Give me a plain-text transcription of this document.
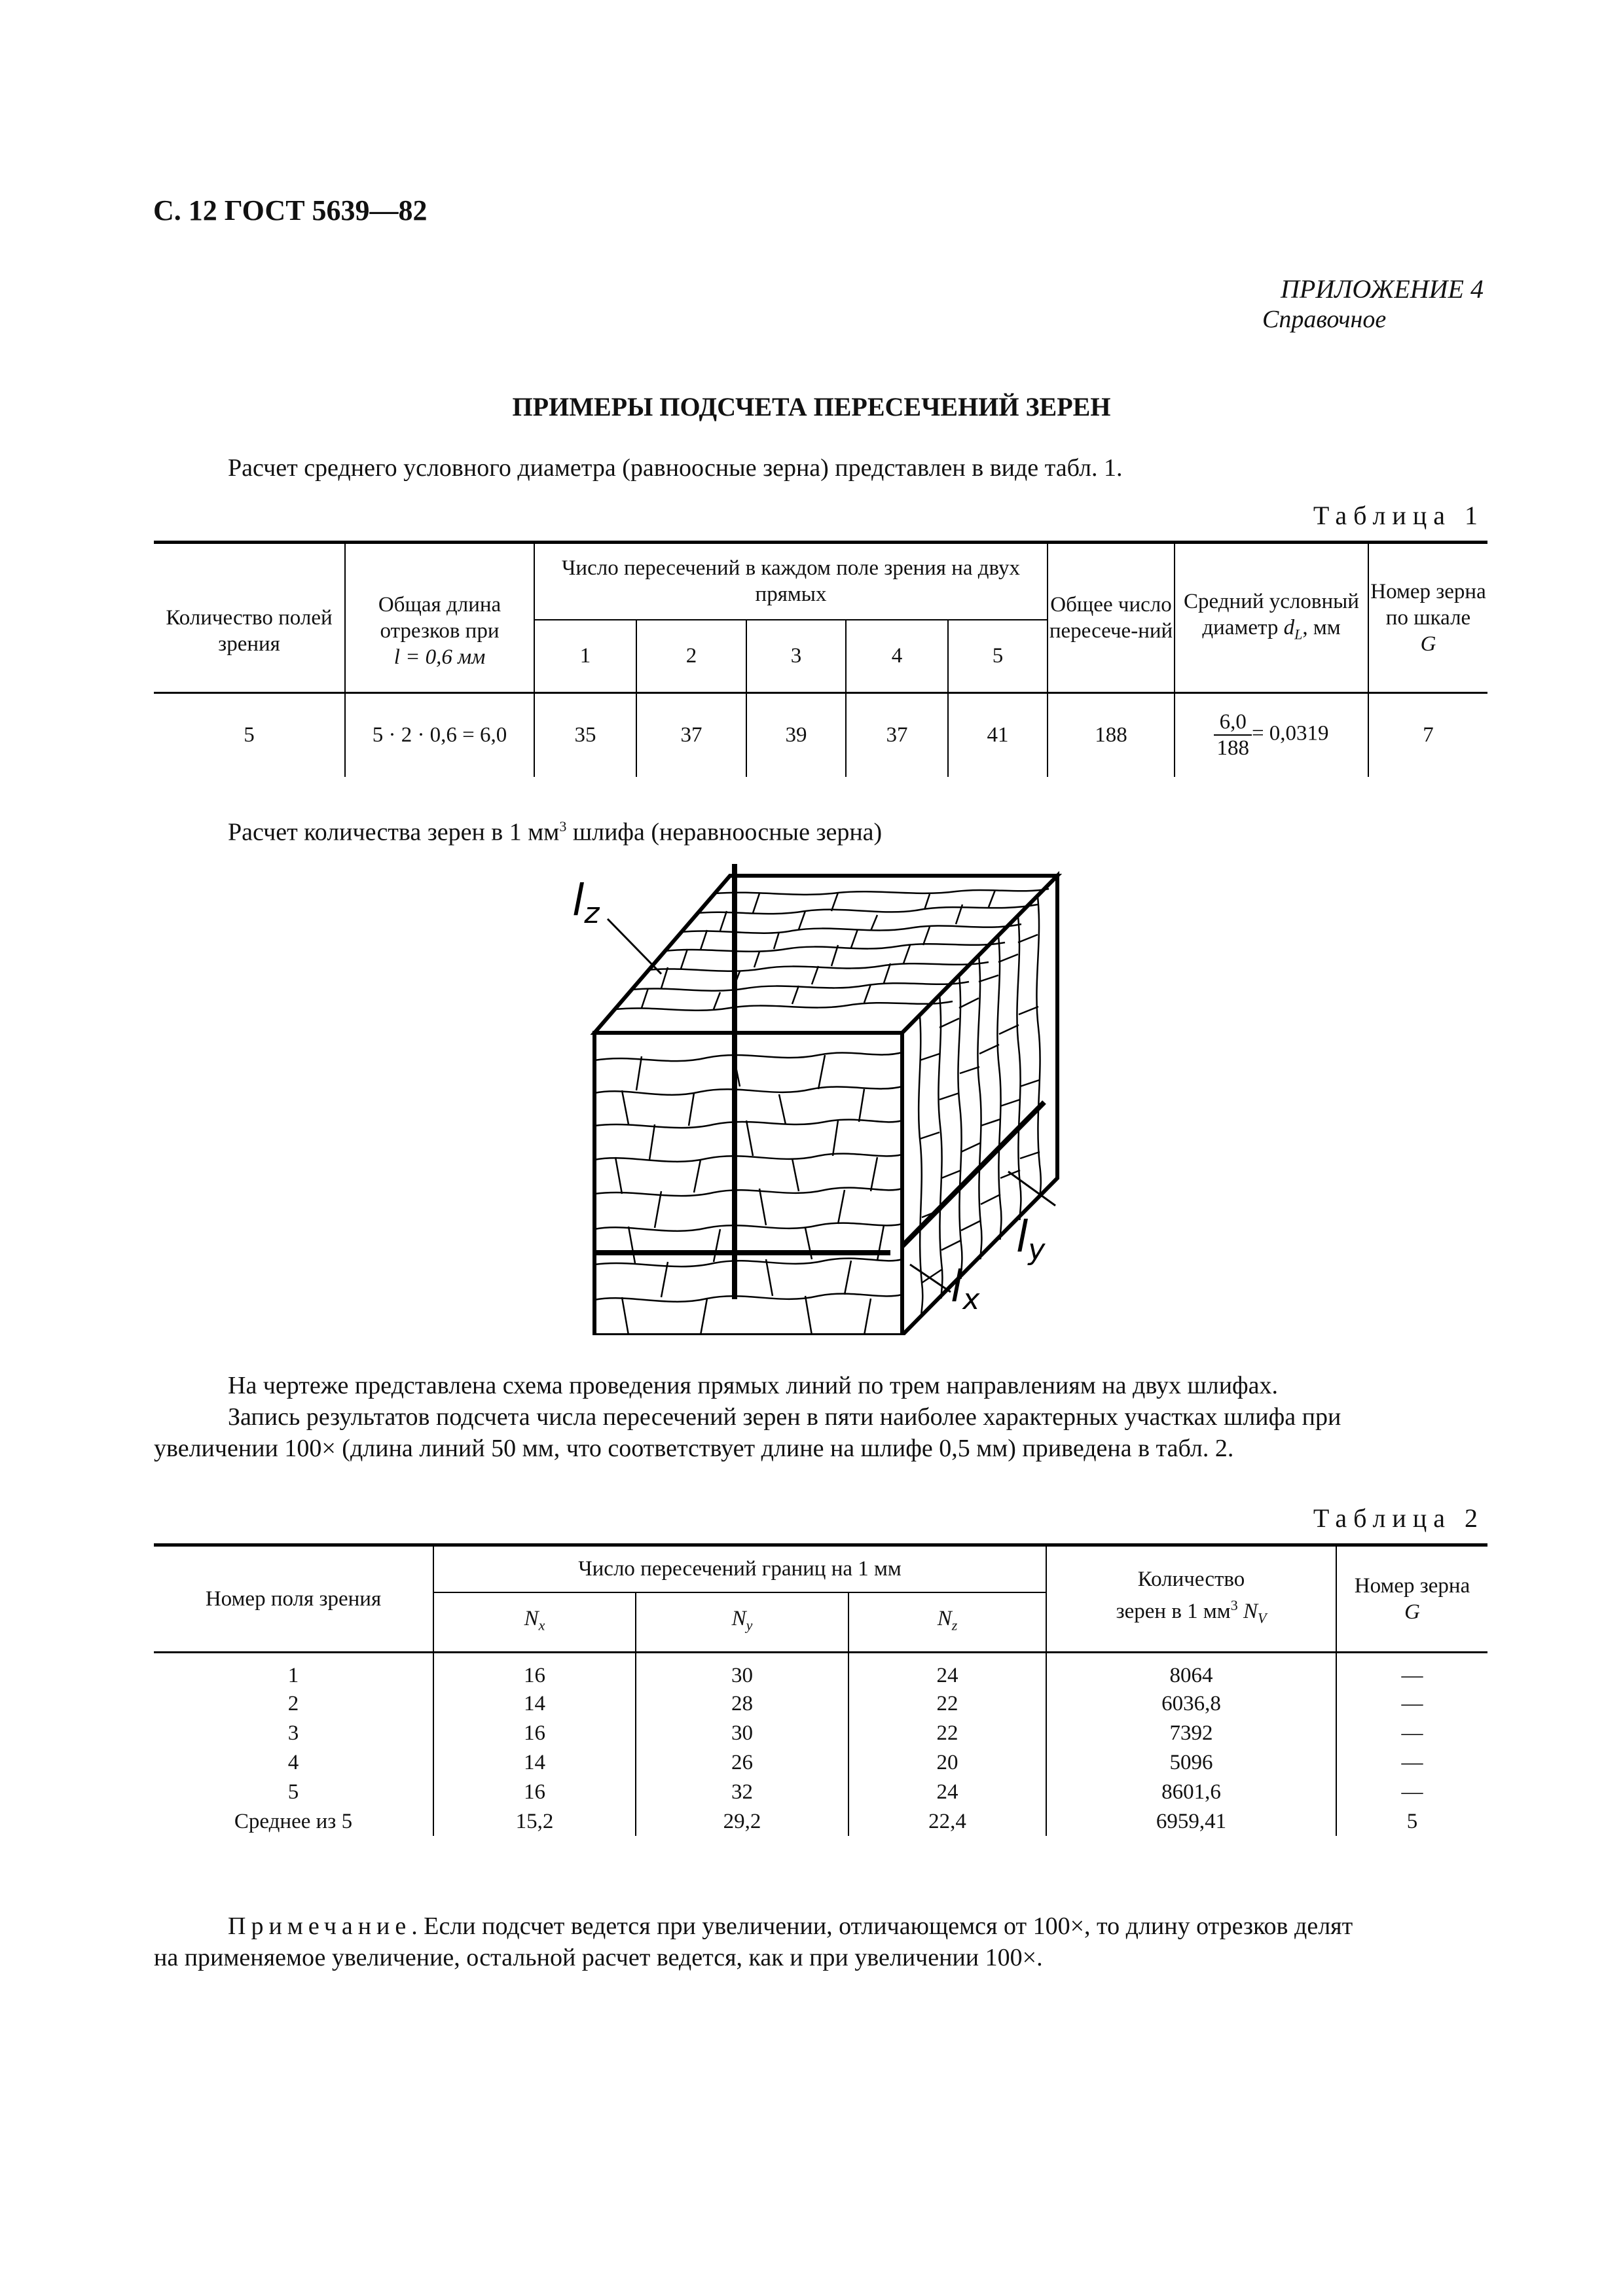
С. 12 ГОСТ 5639—82
ПРИЛОЖЕНИЕ 4
Справочное
ПРИМЕРЫ ПОДСЧЕТА ПЕРЕСЕЧЕНИЙ ЗЕРЕН
Расчет среднего условного диаметра (равноосные зерна) представлен в виде табл. 1.
Таблица 1
Количество полей зрения	Общая длина отрезков при
l = 0,6 мм	Число пересечений в каждом поле зрения на двух прямых					Общее число пересече-ний	Средний условный диаметр $d_L$, мм	Номер зерна по шкале
G
		1	2	3	4	5			
5	5 · 2 · 0,6 = 6,0	35	37	39	37	41	188	$\frac{6,0}{188} = 0,0319$	7
Расчет количества зерен в 1 $мм^3$ шлифа (неравноосные зерна)
lz
ly
lx
На чертеже представлена схема проведения прямых линий по трем направлениям на двух шлифах.
Запись результатов подсчета числа пересечений зерен в пяти наиболее характерных участках шлифа при
увеличении 100× (длина линий 50 мм, что соответствует длине на шлифе 0,5 мм) приведена в табл. 2.
Таблица 2
Номер поля зрения	Число пересечений границ на 1 мм			Количество
зерен в 1 $мм^3$ $N_V$	Номер зерна
G
	$N_x$	$N_y$	$N_z$
1	16	30	24	8064	—
2	14	28	22	6036,8	—
3	16	30	22	7392	—
4	14	26	20	5096	—
5	16	32	24	8601,6	—
Среднее из 5	15,2	29,2	22,4	6959,41	5
Примечание. Если подсчет ведется при увеличении, отличающемся от 100×, то длину отрезков делят
на применяемое увеличение, остальной расчет ведется, как и при увеличении 100×.
